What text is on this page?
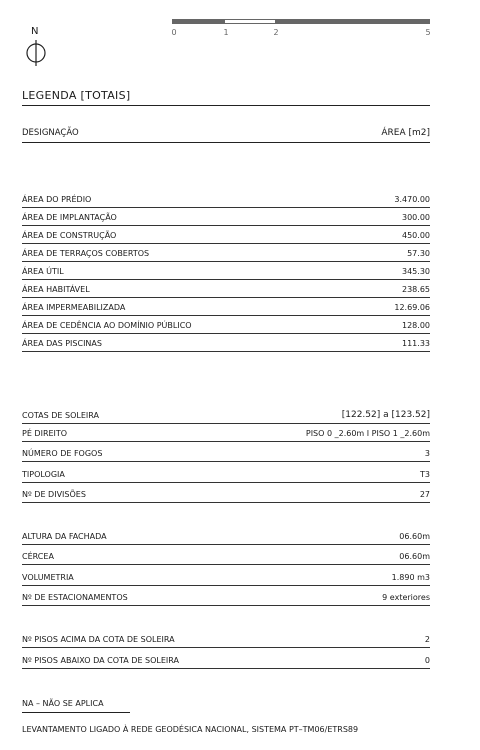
N	0	1	2	5
LEGENDA [TOTAIS]
DESIGNAÇÃO	ÁREA [m2]
ÁREA DO PRÉDIO	3.470.00
ÁREA DE IMPLANTAÇÃO	300.00
ÁREA DE CONSTRUÇÃO	450.00
ÁREA DE TERRAÇOS COBERTOS	57.30
ÁREA ÚTIL	345.30
ÁREA HABITÁVEL	238.65
ÁREA IMPERMEABILIZADA	12.69.06
ÁREA DE CEDÊNCIA AO DOMÍNIO PÚBLICO	128.00
ÁREA DAS PISCINAS	111.33
COTAS DE SOLEIRA	[122.52] a [123.52]
PÉ DIREITO	PISO 0 _2.60m I PISO 1 _2.60m
NÚMERO DE FOGOS	3
TIPOLOGIA	T3
Nº DE DIVISÕES	27
ALTURA DA FACHADA	06.60m
CÉRCEA	06.60m
VOLUMETRIA	1.890 m3
Nº DE ESTACIONAMENTOS	9 exteriores
Nº PISOS ACIMA DA COTA DE SOLEIRA	2
Nº PISOS ABAIXO DA COTA DE SOLEIRA	0
NA – NÃO SE APLICA
LEVANTAMENTO LIGADO À REDE GEODÉSICA NACIONAL, SISTEMA PT–TM06/ETRS89
